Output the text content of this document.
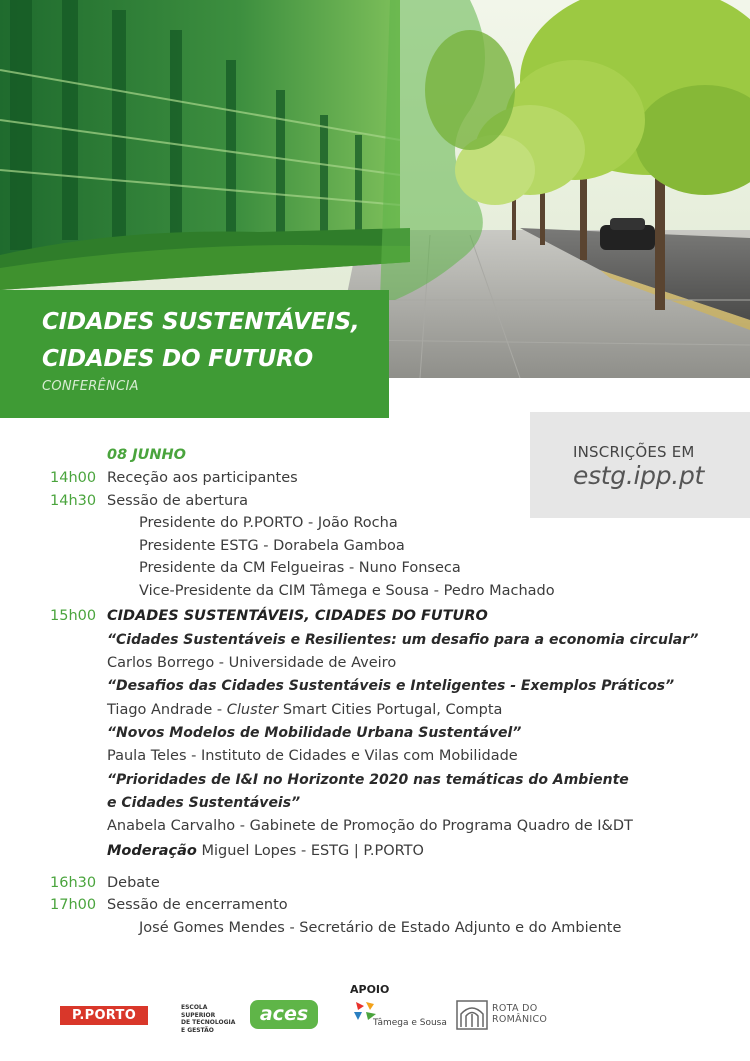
CIDADES SUSTENTÁVEIS,
CIDADES DO FUTURO
CONFERÊNCIA
INSCRIÇÕES EM
estg.ipp.pt
08 JUNHO
14h00 Receção aos participantes
14h30 Sessão de abertura
Presidente do P.PORTO - João Rocha
Presidente ESTG - Dorabela Gamboa
Presidente da CM Felgueiras - Nuno Fonseca
Vice-Presidente da CIM Tâmega e Sousa - Pedro Machado
15h00 CIDADES SUSTENTÁVEIS, CIDADES DO FUTURO
“Cidades Sustentáveis e Resilientes: um desafio para a economia circular”
Carlos Borrego - Universidade de Aveiro
“Desafios das Cidades Sustentáveis e Inteligentes - Exemplos Práticos”
Tiago Andrade - Cluster Smart Cities Portugal, Compta
“Novos Modelos de Mobilidade Urbana Sustentável”
Paula Teles - Instituto de Cidades e Vilas com Mobilidade
“Prioridades de I&I no Horizonte 2020 nas temáticas do Ambiente
e Cidades Sustentáveis”
Anabela Carvalho - Gabinete de Promoção do Programa Quadro de I&DT
Moderação Miguel Lopes - ESTG | P.PORTO
16h30 Debate
17h00 Sessão de encerramento
José Gomes Mendes - Secretário de Estado Adjunto e do Ambiente
P.PORTO
ESCOLA
SUPERIOR
DE TECNOLOGIA
E GESTÃO
aces
APOIO
Tâmega e Sousa
ROTA DO
ROMÂNICO
